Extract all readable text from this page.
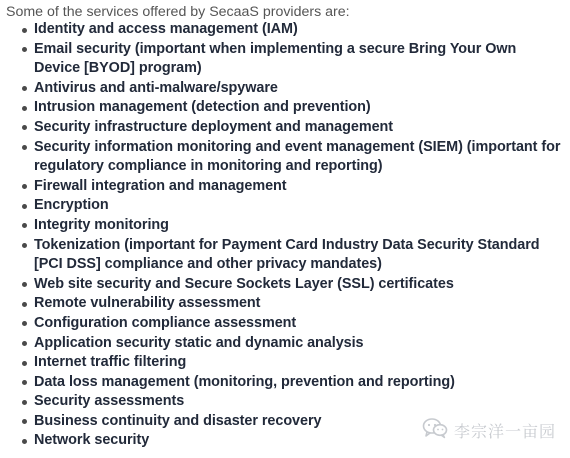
Some of the services offered by SecaaS providers are:

Identity and access management (IAM)
Email security (important when implementing a secure Bring Your Own Device [BYOD] program)
Antivirus and anti-malware/spyware
Intrusion management (detection and prevention)
Security infrastructure deployment and management
Security information monitoring and event management (SIEM) (important for regulatory compliance in monitoring and reporting)
Firewall integration and management
Encryption
Integrity monitoring
Tokenization (important for Payment Card Industry Data Security Standard [PCI DSS] compliance and other privacy mandates)
Web site security and Secure Sockets Layer (SSL) certificates
Remote vulnerability assessment
Configuration compliance assessment
Application security static and dynamic analysis
Internet traffic filtering
Data loss management (monitoring, prevention and reporting)
Security assessments
Business continuity and disaster recovery
Network security	李宗洋一亩园
